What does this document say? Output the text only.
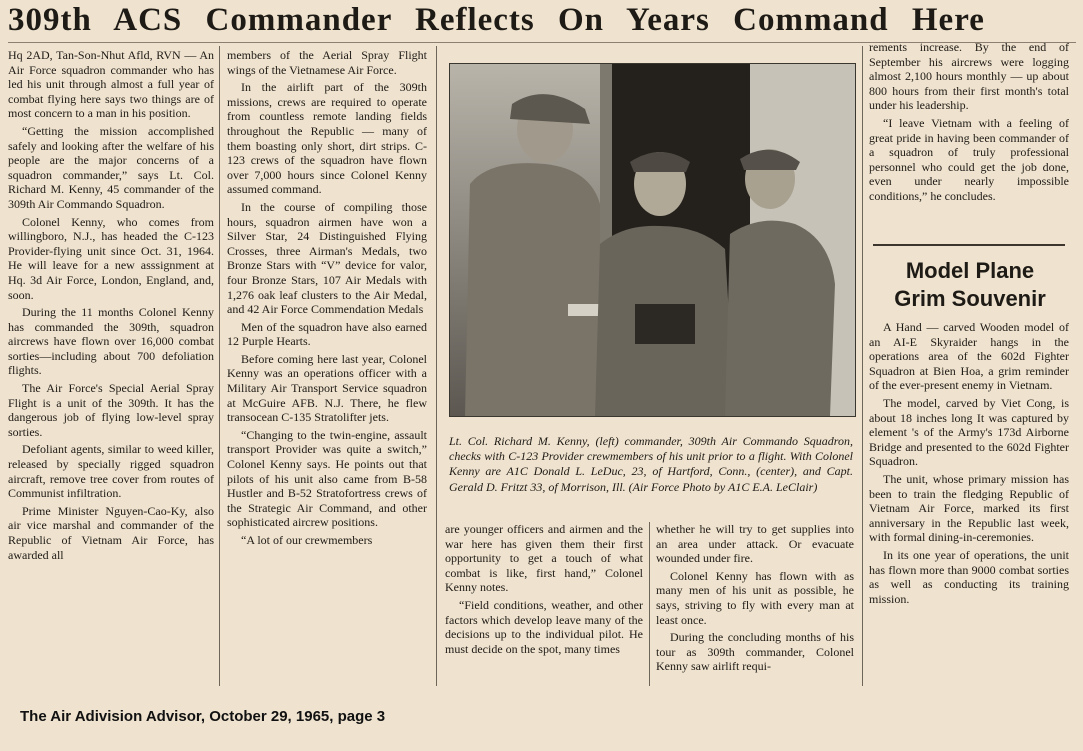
309th ACS Commander Reflects On Years Command Here

Hq 2AD, Tan-Son-Nhut Afld, RVN — An Air Force squadron commander who has led his unit through almost a full year of combat flying here says two things are of most concern to a man in his position.

“Getting the mission accomplished safely and looking after the welfare of his people are the major concerns of a squadron commander,” says Lt. Col. Richard M. Kenny, 45 commander of the 309th Air Commando Squadron.

Colonel Kenny, who comes from willingboro, N.J., has headed the C-123 Provider-flying unit since Oct. 31, 1964. He will leave for a new asssignment at Hq. 3d Air Force, London, England, and, soon.

During the 11 months Colonel Kenny has commanded the 309th, squadron aircrews have flown over 16,000 combat sorties—including about 700 defoliation flights.

The Air Force's Special Aerial Spray Flight is a unit of the 309th. It has the dangerous job of flying low-level spray sorties.

Defoliant agents, similar to weed killer, released by specially rigged squadron aircraft, remove tree cover from routes of Communist infiltration.

Prime Minister Nguyen-Cao-Ky, also air vice marshal and commander of the Republic of Vietnam Air Force, has awarded all

members of the Aerial Spray Flight wings of the Vietnamese Air Force.

In the airlift part of the 309th missions, crews are required to operate from countless remote landing fields throughout the Republic — many of them boasting only short, dirt strips. C-123 crews of the squadron have flown over 7,000 hours since Colonel Kenny assumed command.

In the course of compiling those hours, squadron airmen have won a Silver Star, 24 Distinguished Flying Crosses, three Airman's Medals, two Bronze Stars with “V” device for valor, four Bronze Stars, 107 Air Medals with 1,276 oak leaf clusters to the Air Medal, and 42 Air Force Commendation Medals

Men of the squadron have also earned 12 Purple Hearts.

Before coming here last year, Colonel Kenny was an operations officer with a Military Air Transport Service squadron at McGuire AFB. N.J. There, he flew transocean C-135 Stratolifter jets.

“Changing to the twin-engine, assault transport Provider was quite a switch,” Colonel Kenny says. He points out that pilots of his unit also came from B-58 Hustler and B-52 Stratofortress crews of the Strategic Air Command, and other sophisticated aircrew positions.

“A lot of our crewmembers

Lt. Col. Richard M. Kenny, (left) commander, 309th Air Commando Squadron, checks with C-123 Provider crewmembers of his unit prior to a flight. With Colonel Kenny are A1C Donald L. LeDuc, 23, of Hartford, Conn., (center), and Capt. Gerald D. Fritzt 33, of Morrison, Ill. (Air Force Photo by A1C E.A. LeClair)

are younger officers and airmen and the war here has given them their first opportunity to get a touch of what combat is like, first hand,” Colonel Kenny notes.

“Field conditions, weather, and other factors which develop leave many of the decisions up to the individual pilot. He must decide on the spot, many times

whether he will try to get supplies into an area under attack. Or evacuate wounded under fire.

Colonel Kenny has flown with as many men of his unit as possible, he says, striving to fly with every man at least once.

During the concluding months of his tour as 309th commander, Colonel Kenny saw airlift requi-

rements increase. By the end of September his aircrews were logging almost 2,100 hours monthly — up about 800 hours from their first month's total under his leadership.

“I leave Vietnam with a feeling of great pride in having been commander of a squadron of truly professional personnel who could get the job done, even under nearly impossible conditions,” he concludes.

Model Plane
Grim Souvenir

A Hand — carved Wooden model of an AI-E Skyraider hangs in the operations area of the 602d Fighter Squadron at Bien Hoa, a grim reminder of the ever-present enemy in Vietnam.

The model, carved by Viet Cong, is about 18 inches long It was captured by element 's of the Army's 173d Airborne Bridge and presented to the 602d Fighter Squadron.

The unit, whose primary mission has been to train the fledging Republic of Vietnam Air Force, marked its first anniversary in the Republic last week, with formal dining-in-ceremonies.

In its one year of operations, the unit has flown more than 9000 combat sorties as well as conducting its training mission.

The Air Adivision Advisor, October 29, 1965, page 3
